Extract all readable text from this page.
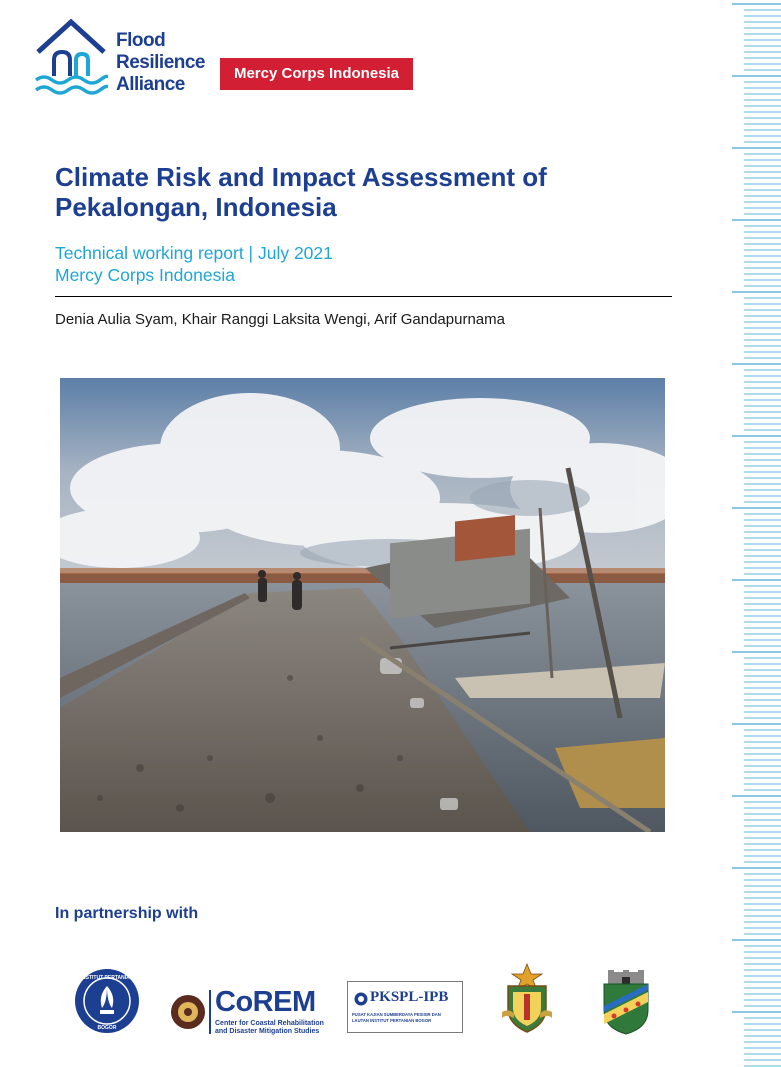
Flood
Resilience
Alliance
Mercy Corps Indonesia
Climate Risk and Impact Assessment of
Pekalongan, Indonesia
Technical working report | July 2021
Mercy Corps Indonesia
Denia Aulia Syam, Khair Ranggi Laksita Wengi, Arif Gandapurnama
In partnership with
INSTITUT PERTANIAN
BOGOR
CoREM
Center for Coastal Rehabilitation
and Disaster Mitigation Studies
PKSPL-IPB
PUSAT KAJIAN SUMBERDAYA PESISIR DAN LAUTAN INSTITUT PERTANIAN BOGOR
